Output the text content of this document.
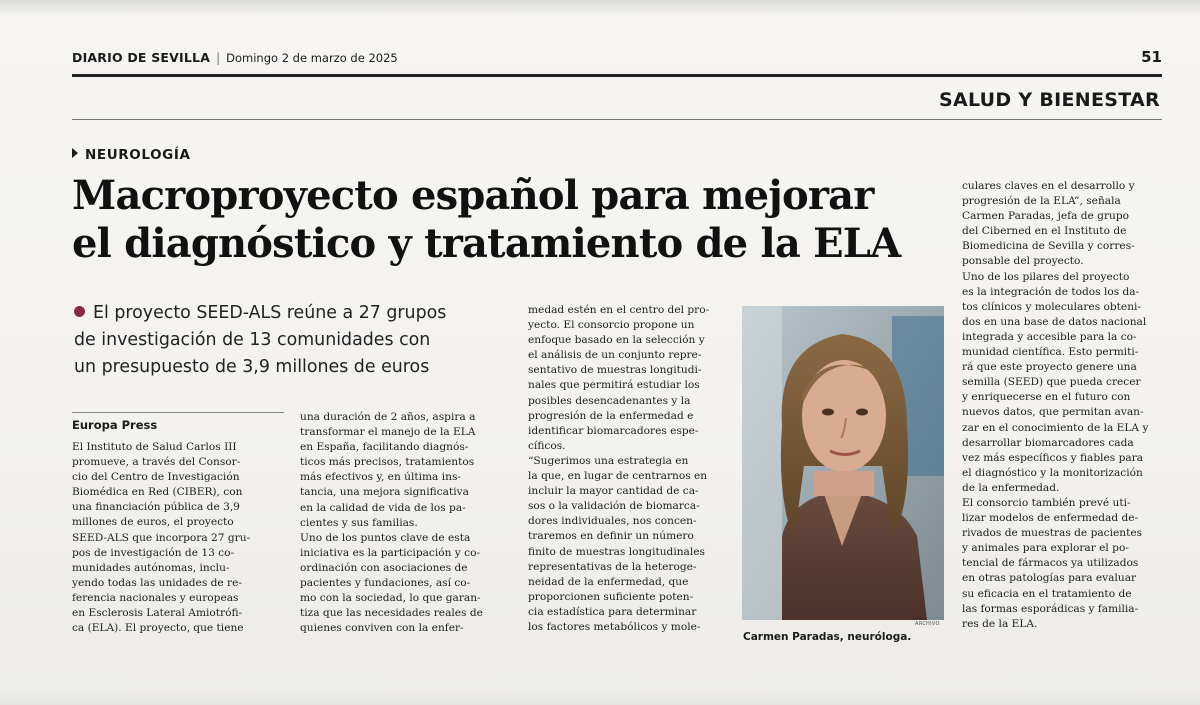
DIARIO DE SEVILLA | Domingo 2 de marzo de 2025	51
SALUD Y BIENESTAR
NEUROLOGÍA
Macroproyecto español para mejorar
el diagnóstico y tratamiento de la ELA
El proyecto SEED-ALS reúne a 27 grupos
de investigación de 13 comunidades con
un presupuesto de 3,9 millones de euros
Europa Press
El Instituto de Salud Carlos III
promueve, a través del Consor-
cio del Centro de Investigación
Biomédica en Red (CIBER), con
una financiación pública de 3,9
millones de euros, el proyecto
SEED-ALS que incorpora 27 gru-
pos de investigación de 13 co-
munidades autónomas, inclu-
yendo todas las unidades de re-
ferencia nacionales y europeas
en Esclerosis Lateral Amiotrófi-
ca (ELA). El proyecto, que tiene
una duración de 2 años, aspira a
transformar el manejo de la ELA
en España, facilitando diagnós-
ticos más precisos, tratamientos
más efectivos y, en última ins-
tancia, una mejora significativa
en la calidad de vida de los pa-
cientes y sus familias.
Uno de los puntos clave de esta
iniciativa es la participación y co-
ordinación con asociaciones de
pacientes y fundaciones, así co-
mo con la sociedad, lo que garan-
tiza que las necesidades reales de
quienes conviven con la enfer-
medad estén en el centro del pro-
yecto. El consorcio propone un
enfoque basado en la selección y
el análisis de un conjunto repre-
sentativo de muestras longitudi-
nales que permitirá estudiar los
posibles desencadenantes y la
progresión de la enfermedad e
identificar biomarcadores espe-
cíficos.
“Sugerimos una estrategia en
la que, en lugar de centrarnos en
incluir la mayor cantidad de ca-
sos o la validación de biomarca-
dores individuales, nos concen-
traremos en definir un número
finito de muestras longitudinales
representativas de la heteroge-
neidad de la enfermedad, que
proporcionen suficiente poten-
cia estadística para determinar
los factores metabólicos y mole-
culares claves en el desarrollo y
progresión de la ELA”, señala
Carmen Paradas, jefa de grupo
del Ciberned en el Instituto de
Biomedicina de Sevilla y corres-
ponsable del proyecto.
Uno de los pilares del proyecto
es la integración de todos los da-
tos clínicos y moleculares obteni-
dos en una base de datos nacional
integrada y accesible para la co-
munidad científica. Esto permiti-
rá que este proyecto genere una
semilla (SEED) que pueda crecer
y enriquecerse en el futuro con
nuevos datos, que permitan avan-
zar en el conocimiento de la ELA y
desarrollar biomarcadores cada
vez más específicos y fiables para
el diagnóstico y la monitorización
de la enfermedad.
El consorcio también prevé uti-
lizar modelos de enfermedad de-
rivados de muestras de pacientes
y animales para explorar el po-
tencial de fármacos ya utilizados
en otras patologías para evaluar
su eficacia en el tratamiento de
las formas esporádicas y familia-
res de la ELA.
ARCHIVO
Carmen Paradas, neuróloga.
